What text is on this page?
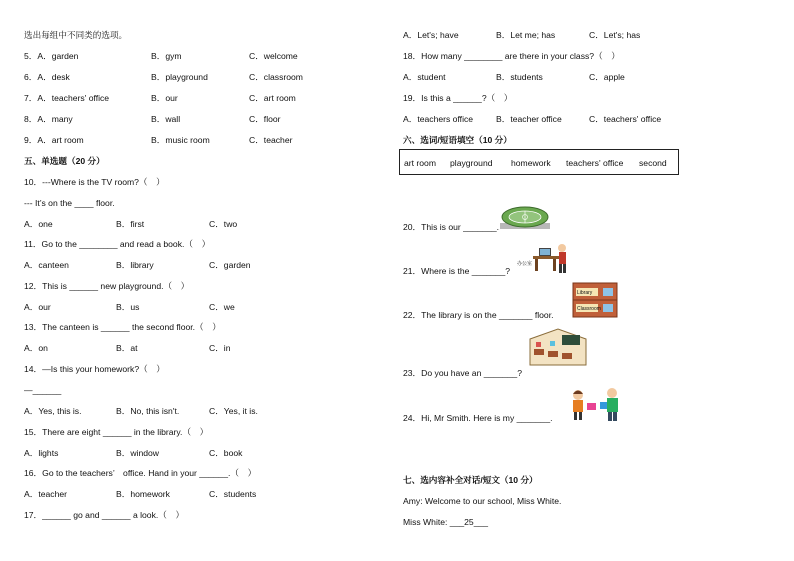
选出每组中不同类的选项。
5．A．garden	B．gym	C．welcome
6．A．desk	B．playground	C．classroom
7．A．teachers' office	B．our	C．art room
8．A．many	B．wall	C．floor
9．A．art room	B．music room	C．teacher
五、单选题（20 分）
10．---Where is the TV room?（　）
--- It’s on the ____ floor.
A．one	B．first	C．two
11．Go to the ________ and read a book.（　）
A．canteen	B．library	C．garden
12．This is ______ new playground.（　）
A．our	B．us	C．we
13．The canteen is ______ the second floor.（　）
A．on	B．at	C．in
14．—Is this your homework?（　）
—______
A．Yes, this is.	B．No, this isn't.	C．Yes, it is.
15．There are eight ______ in the library.（　）
A．lights	B．window	C．book
16．Go to the teachers’　office. Hand in your ______.（　）
A．teacher	B．homework	C．students
17．______ go and ______ a look.（　）
A．Let's; have	B．Let me; has	C．Let's; has
18．How many ________ are there in your class?（　）
A．student	B．students	C．apple
19．Is this a ______?（　）
A．teachers office	B．teacher office	C．teachers' office
六、选词/短语填空（10 分）
art room playground homework teachers' office second
20．This is our _______.
办公室
21．Where is the _______?
Library
Classroom
22．The library is on the _______ floor.
23．Do you have an _______?
24．Hi, Mr Smith. Here is my _______.
七、选内容补全对话/短文（10 分）
Amy: Welcome to our school, Miss White.
Miss White: ___25___
